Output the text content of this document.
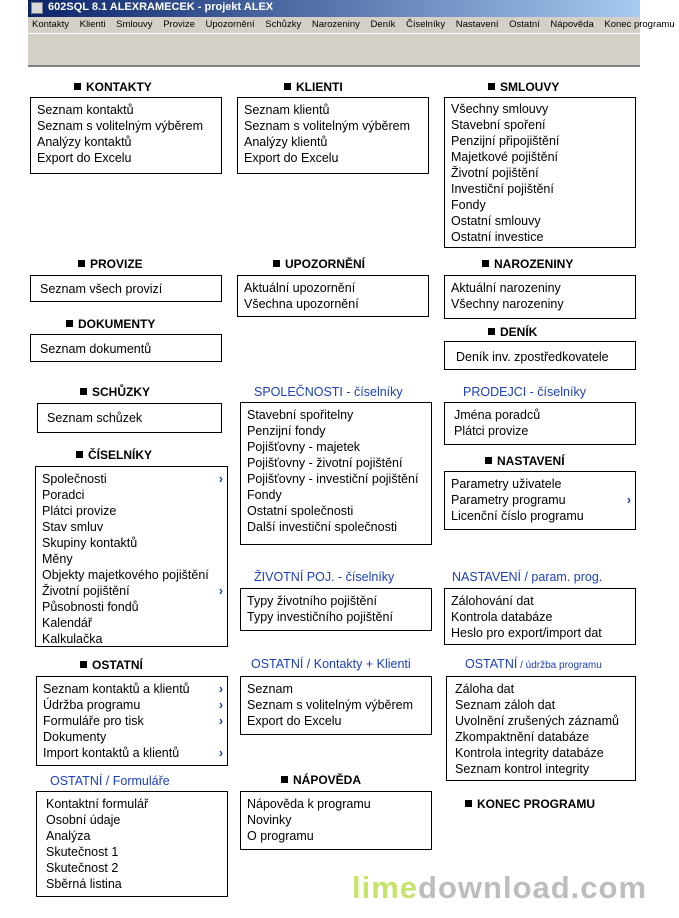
602SQL 8.1 ALEXRAMECEK - projekt ALEX
Kontakty Klienti Smlouvy Provize Upozornění Schůzky Narozeniny Deník Číselníky Nastavení Ostatní Nápověda Konec programu
KONTAKTY
Seznam kontaktů
Seznam s volitelným výběrem
Analýzy kontaktů
Export do Excelu
PROVIZE
Seznam všech provizí
DOKUMENTY
Seznam dokumentů
SCHŮZKY
Seznam schůzek
ČÍSELNÍKY
Společnosti	›
Poradci
Plátci provize
Stav smluv
Skupiny kontaktů
Měny
Objekty majetkového pojištění
Životní pojištění	›
Působnosti fondů
Kalendář
Kalkulačka
OSTATNÍ
Seznam kontaktů a klientů ›
Údržba programu	›
Formuláře pro tisk	›
Dokumenty
Import kontaktů a klientů	›
OSTATNÍ / Formuláře
Kontaktní formulář
Osobní údaje
Analýza
Skutečnost 1
Skutečnost 2
Sběrná listina
KLIENTI
Seznam klientů
Seznam s volitelným výběrem
Analýzy klientů
Export do Excelu
UPOZORNĚNÍ
Aktuální upozornění
Všechna upozornění
SPOLEČNOSTI - číselníky
Stavební spořitelny
Penzijní fondy
Pojišťovny - majetek
Pojišťovny - životní pojištění
Pojišťovny - investiční pojištění
Fondy
Ostatní společnosti
Další investiční společnosti
ŽIVOTNÍ POJ. - číselníky
Typy životního pojištění
Typy investičního pojištění
OSTATNÍ / Kontakty + Klienti
Seznam
Seznam s volitelným výběrem
Export do Excelu
NÁPOVĚDA
Nápověda k programu
Novinky
O programu
SMLOUVY
Všechny smlouvy
Stavební spoření
Penzijní připojištění
Majetkové pojištění
Životní pojištění
Investiční pojištění
Fondy
Ostatní smlouvy
Ostatní investice
NAROZENINY
Aktuální narozeniny
Všechny narozeniny
DENÍK
Deník inv. zpostředkovatele
PRODEJCI - číselníky
Jména poradců
Plátci provize
NASTAVENÍ
Parametry uživatele
Parametry programu	›
Licenční číslo programu
NASTAVENÍ / param. prog.
Zálohování dat
Kontrola databáze
Heslo pro export/import dat
OSTATNÍ / údržba programu
Záloha dat
Seznam záloh dat
Uvolnění zrušených záznamů
Zkompaktnění databáze
Kontrola integrity databáze
Seznam kontrol integrity
KONEC PROGRAMU
limedownload.com
